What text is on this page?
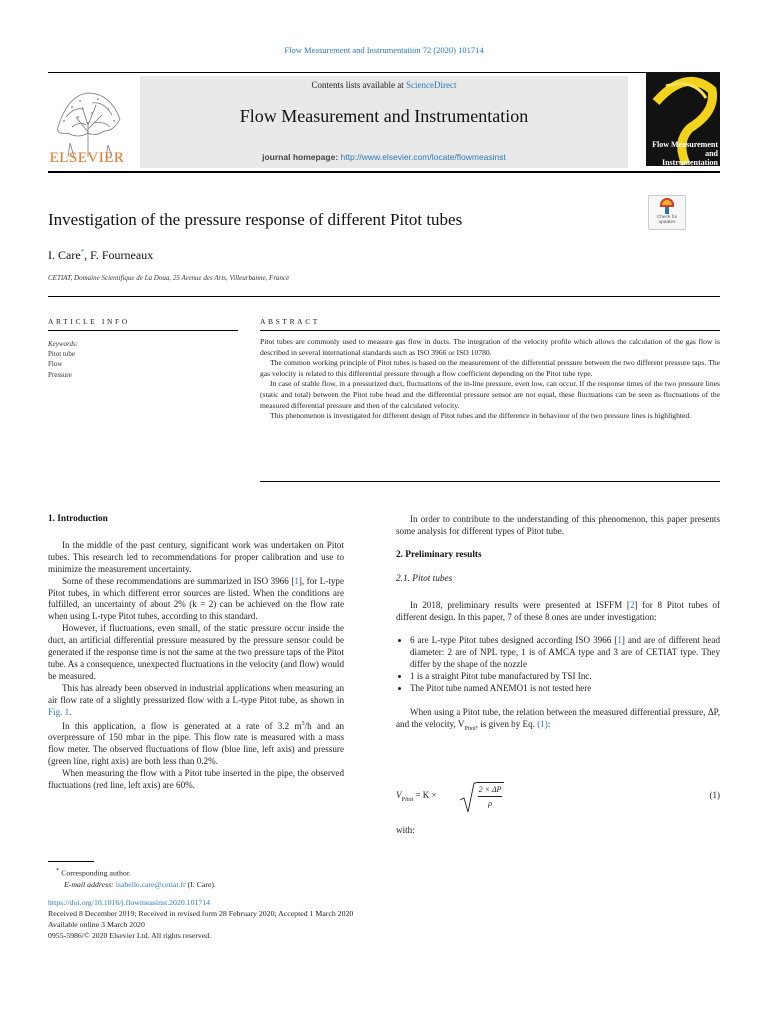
Flow Measurement and Instrumentation 72 (2020) 101714
ELSEVIER
Contents lists available at ScienceDirect
Flow Measurement and Instrumentation
journal homepage: http://www.elsevier.com/locate/flowmeasinst
Flow Measurement
and Instrumentation
Investigation of the pressure response of different Pitot tubes	Check for
updates
I. Care*, F. Fourneaux
CETIAT, Domaine Scientifique de La Doua, 25 Avenue des Arts, Villeurbanne, France
ARTICLE INFO	ABSTRACT
Keywords:
Pitot tube
Flow
Pressure

Pitot tubes are commonly used to measure gas flow in ducts. The integration of the velocity profile which allows the calculation of the gas flow is described in several international standards such as ISO 3966 or ISO 10780.

The common working principle of Pitot tubes is based on the measurement of the differential pressure between the two different pressure taps. The gas velocity is related to this differential pressure through a flow coefficient depending on the Pitot tube type.

In case of stable flow, in a pressurized duct, fluctuations of the in-line pressure, even low, can occur. If the response times of the two pressure lines (static and total) between the Pitot tube head and the differential pressure sensor are not equal, these fluctuations can be seen as fluctuations of the measured differential pressure and then of the calculated velocity.

This phenomenon is investigated for different design of Pitot tubes and the difference in behaviour of the two pressure lines is highlighted.

1. Introduction

In the middle of the past century, significant work was undertaken on Pitot tubes. This research led to recommendations for proper calibration and use to minimize the measurement uncertainty.

Some of these recommendations are summarized in ISO 3966 [1], for L-type Pitot tubes, in which different error sources are listed. When the conditions are fulfilled, an uncertainty of about 2% (k = 2) can be achieved on the flow rate when using L-type Pitot tubes, according to this standard.

However, if fluctuations, even small, of the static pressure occur inside the duct, an artificial differential pressure measured by the pressure sensor could be generated if the response time is not the same at the two pressure taps of the Pitot tube. As a consequence, unexpected fluctuations in the velocity (and flow) would be measured.

This has already been observed in industrial applications when measuring an air flow rate of a slightly pressurized flow with a L-type Pitot tube, as shown in Fig. 1.

In this application, a flow is generated at a rate of 3.2 $m^3/h$ and an overpressure of 150 mbar in the pipe. This flow rate is measured with a mass flow meter. The observed fluctuations of flow (blue line, left axis) and pressure (green line, right axis) are both less than 0.2%.

When measuring the flow with a Pitot tube inserted in the pipe, the observed fluctuations (red line, left axis) are 60%.

In order to contribute to the understanding of this phenomenon, this paper presents some analysis for different types of Pitot tube.

2. Preliminary results
2.1. Pitot tubes

In 2018, preliminary results were presented at ISFFM [2] for 8 Pitot tubes of different design. In this paper, 7 of these 8 ones are under investigation:

• 6 are L-type Pitot tubes designed according ISO 3966 [1] and are of different head diameter: 2 are of NPL type, 1 is of AMCA type and 3 are of CETIAT type. They differ by the shape of the nozzle
• 1 is a straight Pitot tube manufactured by TSI Inc.
• The Pitot tube named ANEMO1 is not tested here

When using a Pitot tube, the relation between the measured differential pressure, ΔP, and the velocity, $V_{Pitot}$, is given by Eq. (1):

$V_{Pitot} = K$ ×
2 × ΔP
ρ
(1)
with:
* Corresponding author.
E-mail address: isabelle.care@cetiat.fr (I. Care).
https://doi.org/10.1016/j.flowmeasinst.2020.101714
Received 8 December 2019; Received in revised form 28 February 2020; Accepted 1 March 2020
Available online 3 March 2020
0955-5986/© 2020 Elsevier Ltd. All rights reserved.
